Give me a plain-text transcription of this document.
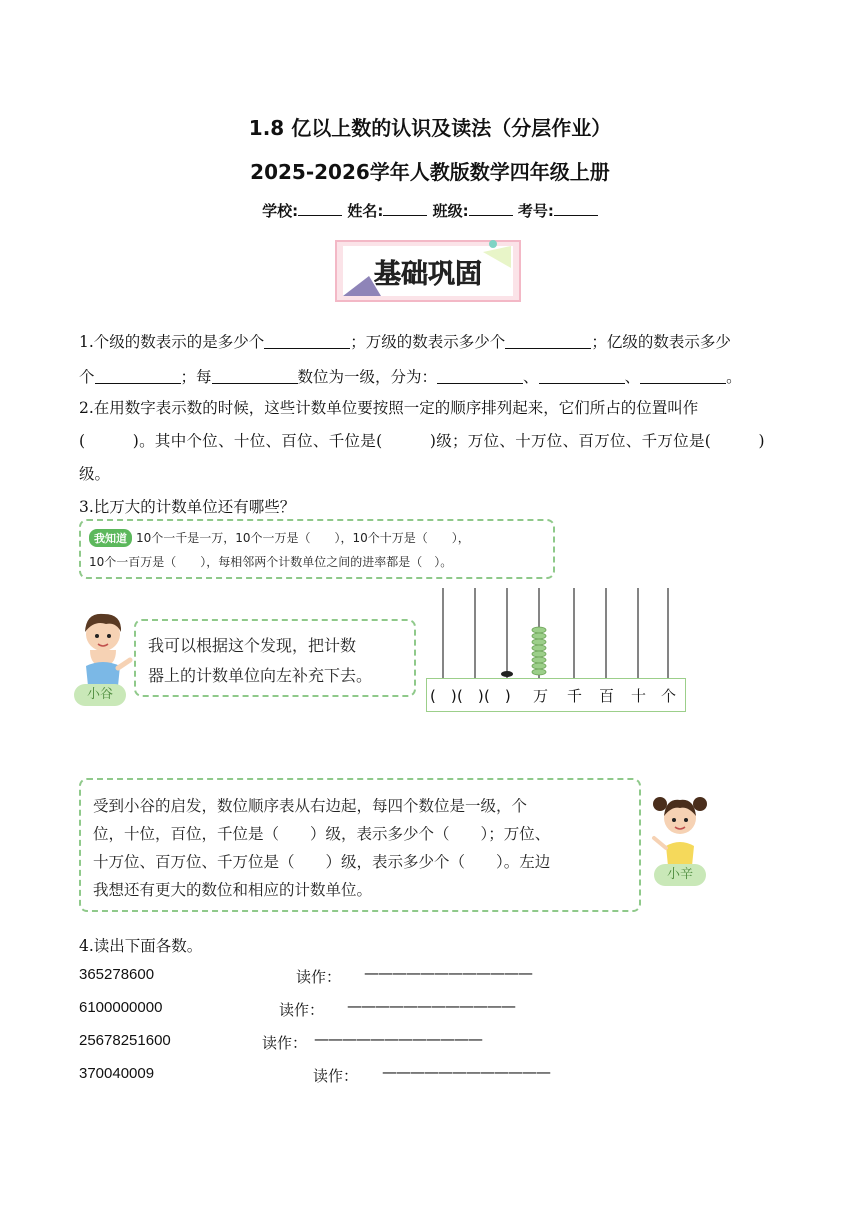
1.8 亿以上数的认识及读法（分层作业）
2025-2026学年人教版数学四年级上册
学校:	姓名:	班级:	考号:
基础巩固
1.个级的数表示的是多少个	；万级的数表示多少个	；亿级的数表示多少
个	；每	数位为一级，分为：	、	、	。
2.在用数字表示数的时候，这些计数单位要按照一定的顺序排列起来，它们所占的位置叫作
(　　　)。其中个位、十位、百位、千位是(　　　)级；万位、十万位、百万位、千万位是(　　　)
级。
3.比万大的计数单位还有哪些？
我知道 10个一千是一万，10个一万是（　　），10个十万是（　　），
10个一百万是（　　），每相邻两个计数单位之间的进率都是（　）。
小谷
我可以根据这个发现，把计数
器上的计数单位向左补充下去。
(　) (　) (　) 万 千 百 十 个
受到小谷的启发，数位顺序表从右边起，每四个数位是一级，个
位，十位，百位，千位是（　　）级，表示多少个（　　）；万位、
十万位、百万位、千万位是（　　）级，表示多少个（　　）。左边
我想还有更大的数位和相应的计数单位。
小辛
4.读出下面各数。
365278600	读作： ————————————
6100000000	读作： ————————————
25678251600	读作： ————————————
370040009	读作： ————————————
